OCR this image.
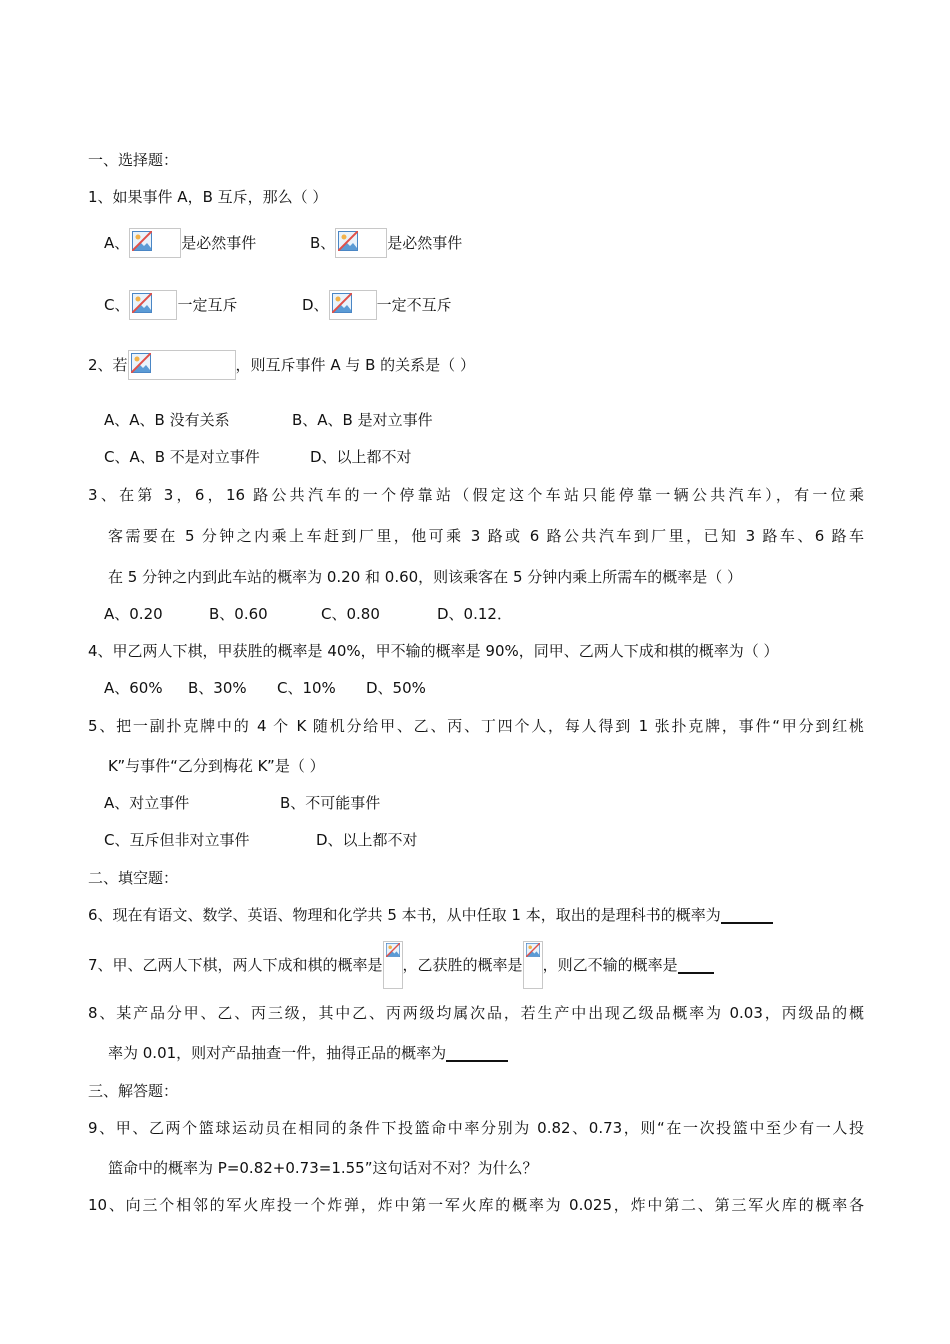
一、选择题：
1、如果事件 A，B 互斥，那么（ ）
A、	是必然事件	B、	是必然事件
C、	一定互斥	D、	一定不互斥
2、若	，则互斥事件 A 与 B 的关系是（ ）
A、A、B 没有关系	B、A、B 是对立事件
C、A、B 不是对立事件	D、以上都不对
3、在第 3，6，16 路公共汽车的一个停靠站（假定这个车站只能停靠一辆公共汽车），有一位乘
客需要在 5 分钟之内乘上车赶到厂里，他可乘 3 路或 6 路公共汽车到厂里，已知 3 路车、6 路车
在 5 分钟之内到此车站的概率为 0.20 和 0.60，则该乘客在 5 分钟内乘上所需车的概率是（ ）
A、0.20	B、0.60	C、0.80	D、0.12．
4、甲乙两人下棋，甲获胜的概率是 40%，甲不输的概率是 90%，同甲、乙两人下成和棋的概率为（ ）
A、60% B、30% C、10% D、50%
5、把一副扑克牌中的 4 个 K 随机分给甲、乙、丙、丁四个人，每人得到 1 张扑克牌，事件“甲分到红桃
K”与事件“乙分到梅花 K”是（ ）
A、对立事件	B、不可能事件
C、互斥但非对立事件	D、以上都不对
二、填空题：
6、现在有语文、数学、英语、物理和化学共 5 本书，从中任取 1 本，取出的是理科书的概率为
7、甲、乙两人下棋，两人下成和棋的概率是 ，乙获胜的概率是 ，则乙不输的概率是
8、某产品分甲、乙、丙三级，其中乙、丙两级均属次品，若生产中出现乙级品概率为 0.03，丙级品的概
率为 0.01，则对产品抽查一件，抽得正品的概率为
三、解答题：
9、甲、乙两个篮球运动员在相同的条件下投篮命中率分别为 0.82、0.73，则“在一次投篮中至少有一人投
篮命中的概率为 P=0.82+0.73=1.55”这句话对不对？为什么？
10、向三个相邻的军火库投一个炸弹，炸中第一军火库的概率为 0.025，炸中第二、第三军火库的概率各
